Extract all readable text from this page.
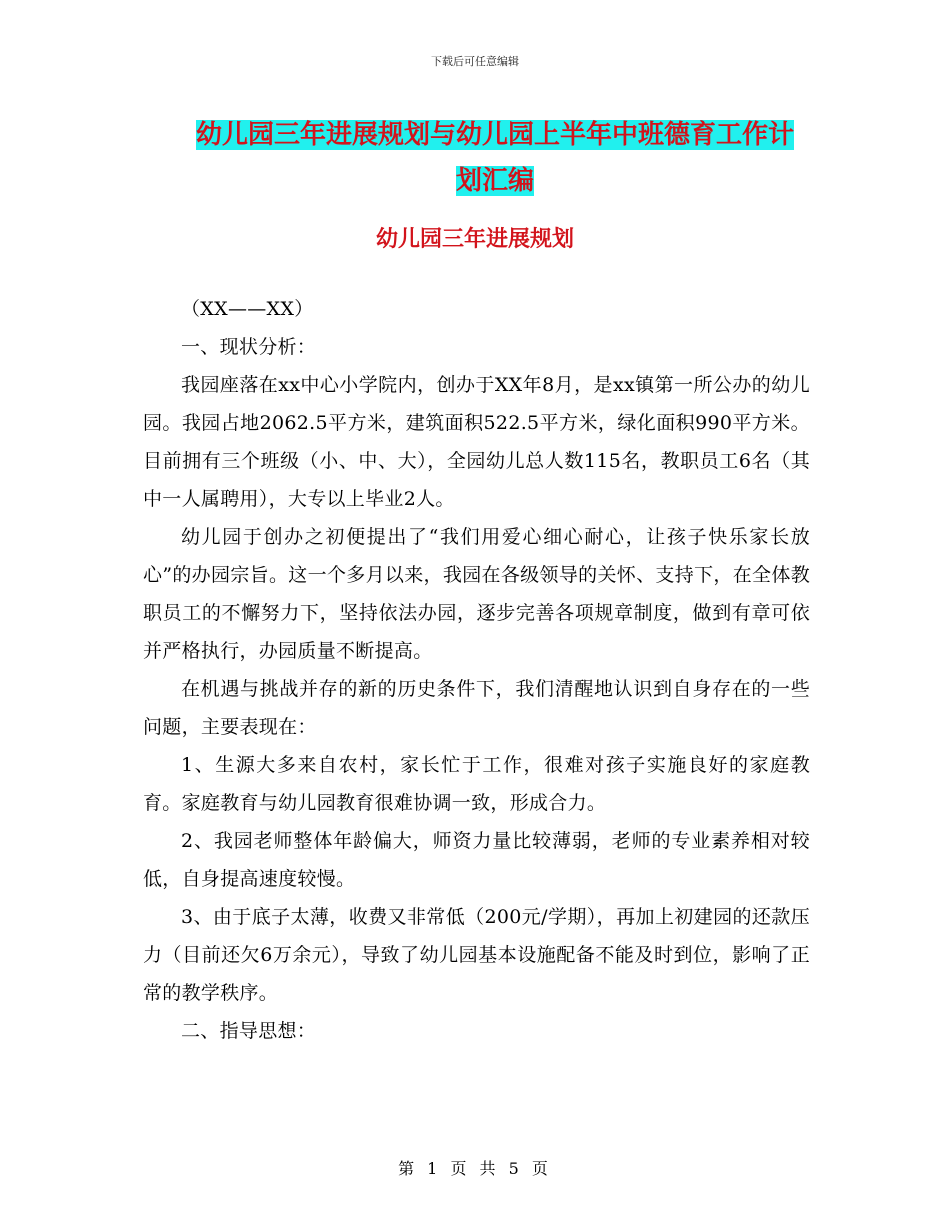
下载后可任意编辑
幼儿园三年进展规划与幼儿园上半年中班德育工作计
划汇编
幼儿园三年进展规划

（XX——XX）

一、现状分析：

我园座落在xx中心小学院内，创办于XX年8月，是xx镇第一所公办的幼儿园。我园占地2062.5平方米，建筑面积522.5平方米，绿化面积990平方米。目前拥有三个班级（小、中、大），全园幼儿总人数115名，教职员工6名（其中一人属聘用），大专以上毕业2人。

幼儿园于创办之初便提出了“我们用爱心细心耐心，让孩子快乐家长放心”的办园宗旨。这一个多月以来，我园在各级领导的关怀、支持下，在全体教职员工的不懈努力下，坚持依法办园，逐步完善各项规章制度，做到有章可依并严格执行，办园质量不断提高。

在机遇与挑战并存的新的历史条件下，我们清醒地认识到自身存在的一些问题，主要表现在：

1、生源大多来自农村，家长忙于工作，很难对孩子实施良好的家庭教育。家庭教育与幼儿园教育很难协调一致，形成合力。

2、我园老师整体年龄偏大，师资力量比较薄弱，老师的专业素养相对较低，自身提高速度较慢。

3、由于底子太薄，收费又非常低（200元/学期），再加上初建园的还款压力（目前还欠6万余元），导致了幼儿园基本设施配备不能及时到位，影响了正常的教学秩序。

二、指导思想：

第 1 页 共 5 页
